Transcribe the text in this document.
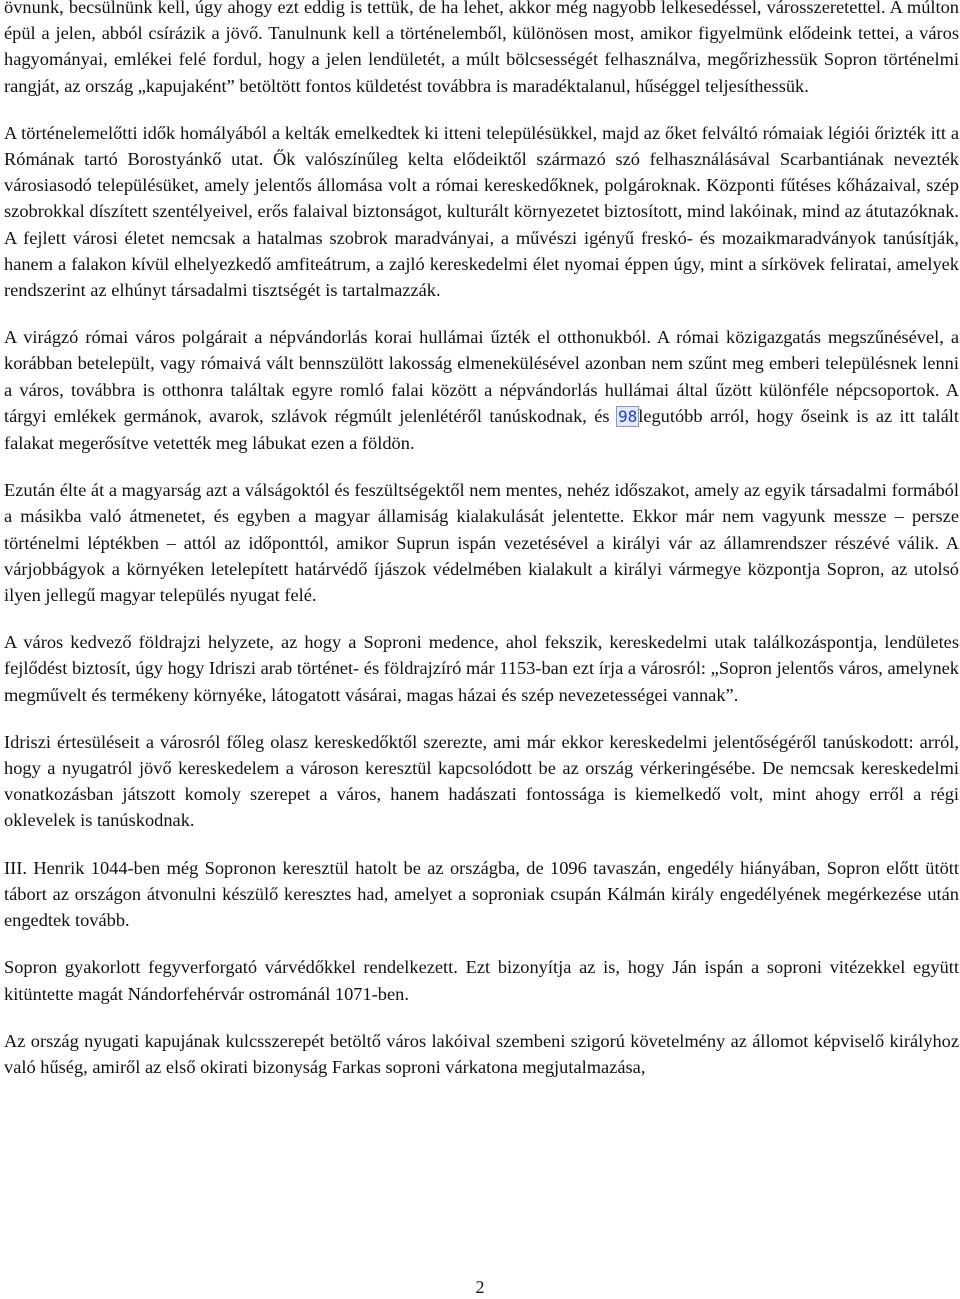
övnunk, becsülnünk kell, úgy ahogy ezt eddig is tettük, de ha lehet, akkor még nagyobb lelkesedéssel, városszeretettel. A múlton épül a jelen, abból csírázik a jövő. Tanulnunk kell a történelemből, különösen most, amikor figyelmünk elődeink tettei, a város hagyományai, emlékei felé fordul, hogy a jelen lendületét, a múlt bölcsességét felhasználva, megőrizhessük Sopron történelmi rangját, az ország „kapujaként” betöltött fontos küldetést továbbra is maradéktalanul, hűséggel teljesíthessük.

A történelemelőtti idők homályából a kelták emelkedtek ki itteni településükkel, majd az őket felváltó rómaiak légiói őrizték itt a Rómának tartó Borostyánkő utat. Ők valószínűleg kelta elődeiktől származó szó felhasználásával Scarbantiának nevezték városiasodó településüket, amely jelentős állomása volt a római kereskedőknek, polgároknak. Központi fűtéses kőházaival, szép szobrokkal díszített szentélyeivel, erős falaival biztonságot, kulturált környezetet biztosított, mind lakóinak, mind az átutazóknak. A fejlett városi életet nemcsak a hatalmas szobrok maradványai, a művészi igényű freskó- és mozaikmaradványok tanúsítják, hanem a falakon kívül elhelyezkedő amfiteátrum, a zajló kereskedelmi élet nyomai éppen úgy, mint a sírkövek feliratai, amelyek rendszerint az elhúnyt társadalmi tisztségét is tartalmazzák.

A virágzó római város polgárait a népvándorlás korai hullámai űzték el otthonukból. A római közigazgatás megszűnésével, a korábban betelepült, vagy rómaivá vált bennszülött lakosság elmenekülésével azonban nem szűnt meg emberi településnek lenni a város, továbbra is otthonra találtak egyre romló falai között a népvándorlás hullámai által űzött különféle népcsoportok. A tárgyi emlékek germánok, avarok, szlávok régmúlt jelenlétéről tanúskodnak, és 98legutóbb arról, hogy őseink is az itt talált falakat megerősítve vetették meg lábukat ezen a földön.

Ezután élte át a magyarság azt a válságoktól és feszültségektől nem mentes, nehéz időszakot, amely az egyik társadalmi formából a másikba való átmenetet, és egyben a magyar államiság kialakulását jelentette. Ekkor már nem vagyunk messze – persze történelmi léptékben – attól az időponttól, amikor Suprun ispán vezetésével a királyi vár az államrendszer részévé válik. A várjobbágyok a környéken letelepített határvédő íjászok védelmében kialakult a királyi vármegye központja Sopron, az utolsó ilyen jellegű magyar település nyugat felé.

A város kedvező földrajzi helyzete, az hogy a Soproni medence, ahol fekszik, kereskedelmi utak találkozáspontja, lendületes fejlődést biztosít, úgy hogy Idriszi arab történet- és földrajzíró már 1153-ban ezt írja a városról: „Sopron jelentős város, amelynek megművelt és termékeny környéke, látogatott vásárai, magas házai és szép nevezetességei vannak”.

Idriszi értesüléseit a városról főleg olasz kereskedőktől szerezte, ami már ekkor kereskedelmi jelentőségéről tanúskodott: arról, hogy a nyugatról jövő kereskedelem a városon keresztül kapcsolódott be az ország vérkeringésébe. De nemcsak kereskedelmi vonatkozásban játszott komoly szerepet a város, hanem hadászati fontossága is kiemelkedő volt, mint ahogy erről a régi oklevelek is tanúskodnak.

III. Henrik 1044-ben még Sopronon keresztül hatolt be az országba, de 1096 tavaszán, engedély hiányában, Sopron előtt ütött tábort az országon átvonulni készülő keresztes had, amelyet a soproniak csupán Kálmán király engedélyének megérkezése után engedtek tovább.

Sopron gyakorlott fegyverforgató várvédőkkel rendelkezett. Ezt bizonyítja az is, hogy Ján ispán a soproni vitézekkel együtt kitüntette magát Nándorfehérvár ostrománál 1071-ben.

Az ország nyugati kapujának kulcsszerepét betöltő város lakóival szembeni szigorú követelmény az állomot képviselő királyhoz való hűség, amiről az első okirati bizonyság Farkas soproni várkatona megjutalmazása,

2
